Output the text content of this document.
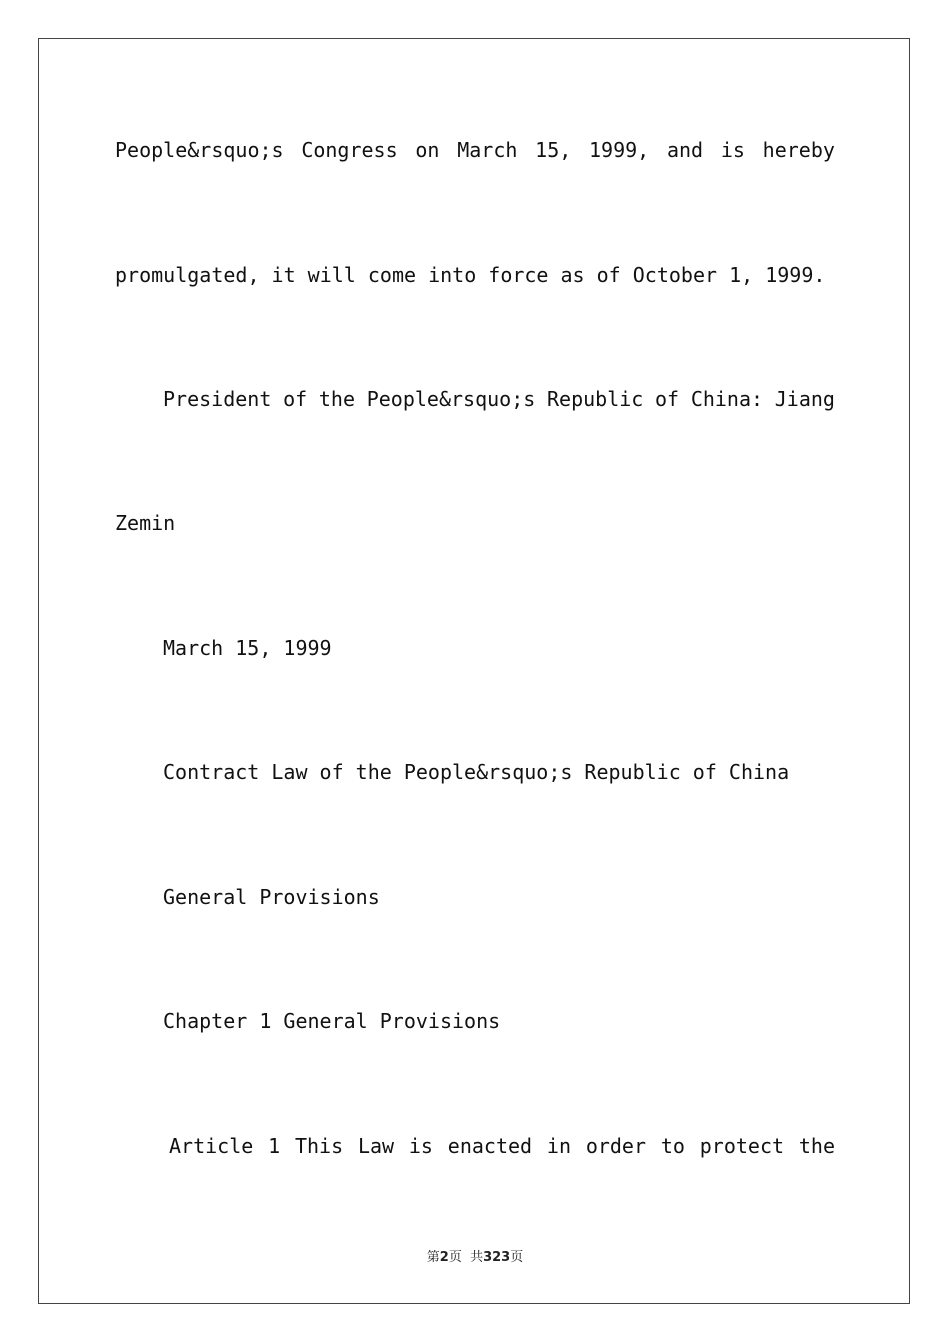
People&rsquo;s Congress on March 15, 1999, and is hereby
promulgated, it will come into force as of October 1, 1999.
President of the People&rsquo;s Republic of China: Jiang
Zemin
March 15, 1999
Contract Law of the People&rsquo;s Republic of China
General Provisions
Chapter 1 General Provisions
Article 1 This Law is enacted in order to protect the
第2页  共323页
